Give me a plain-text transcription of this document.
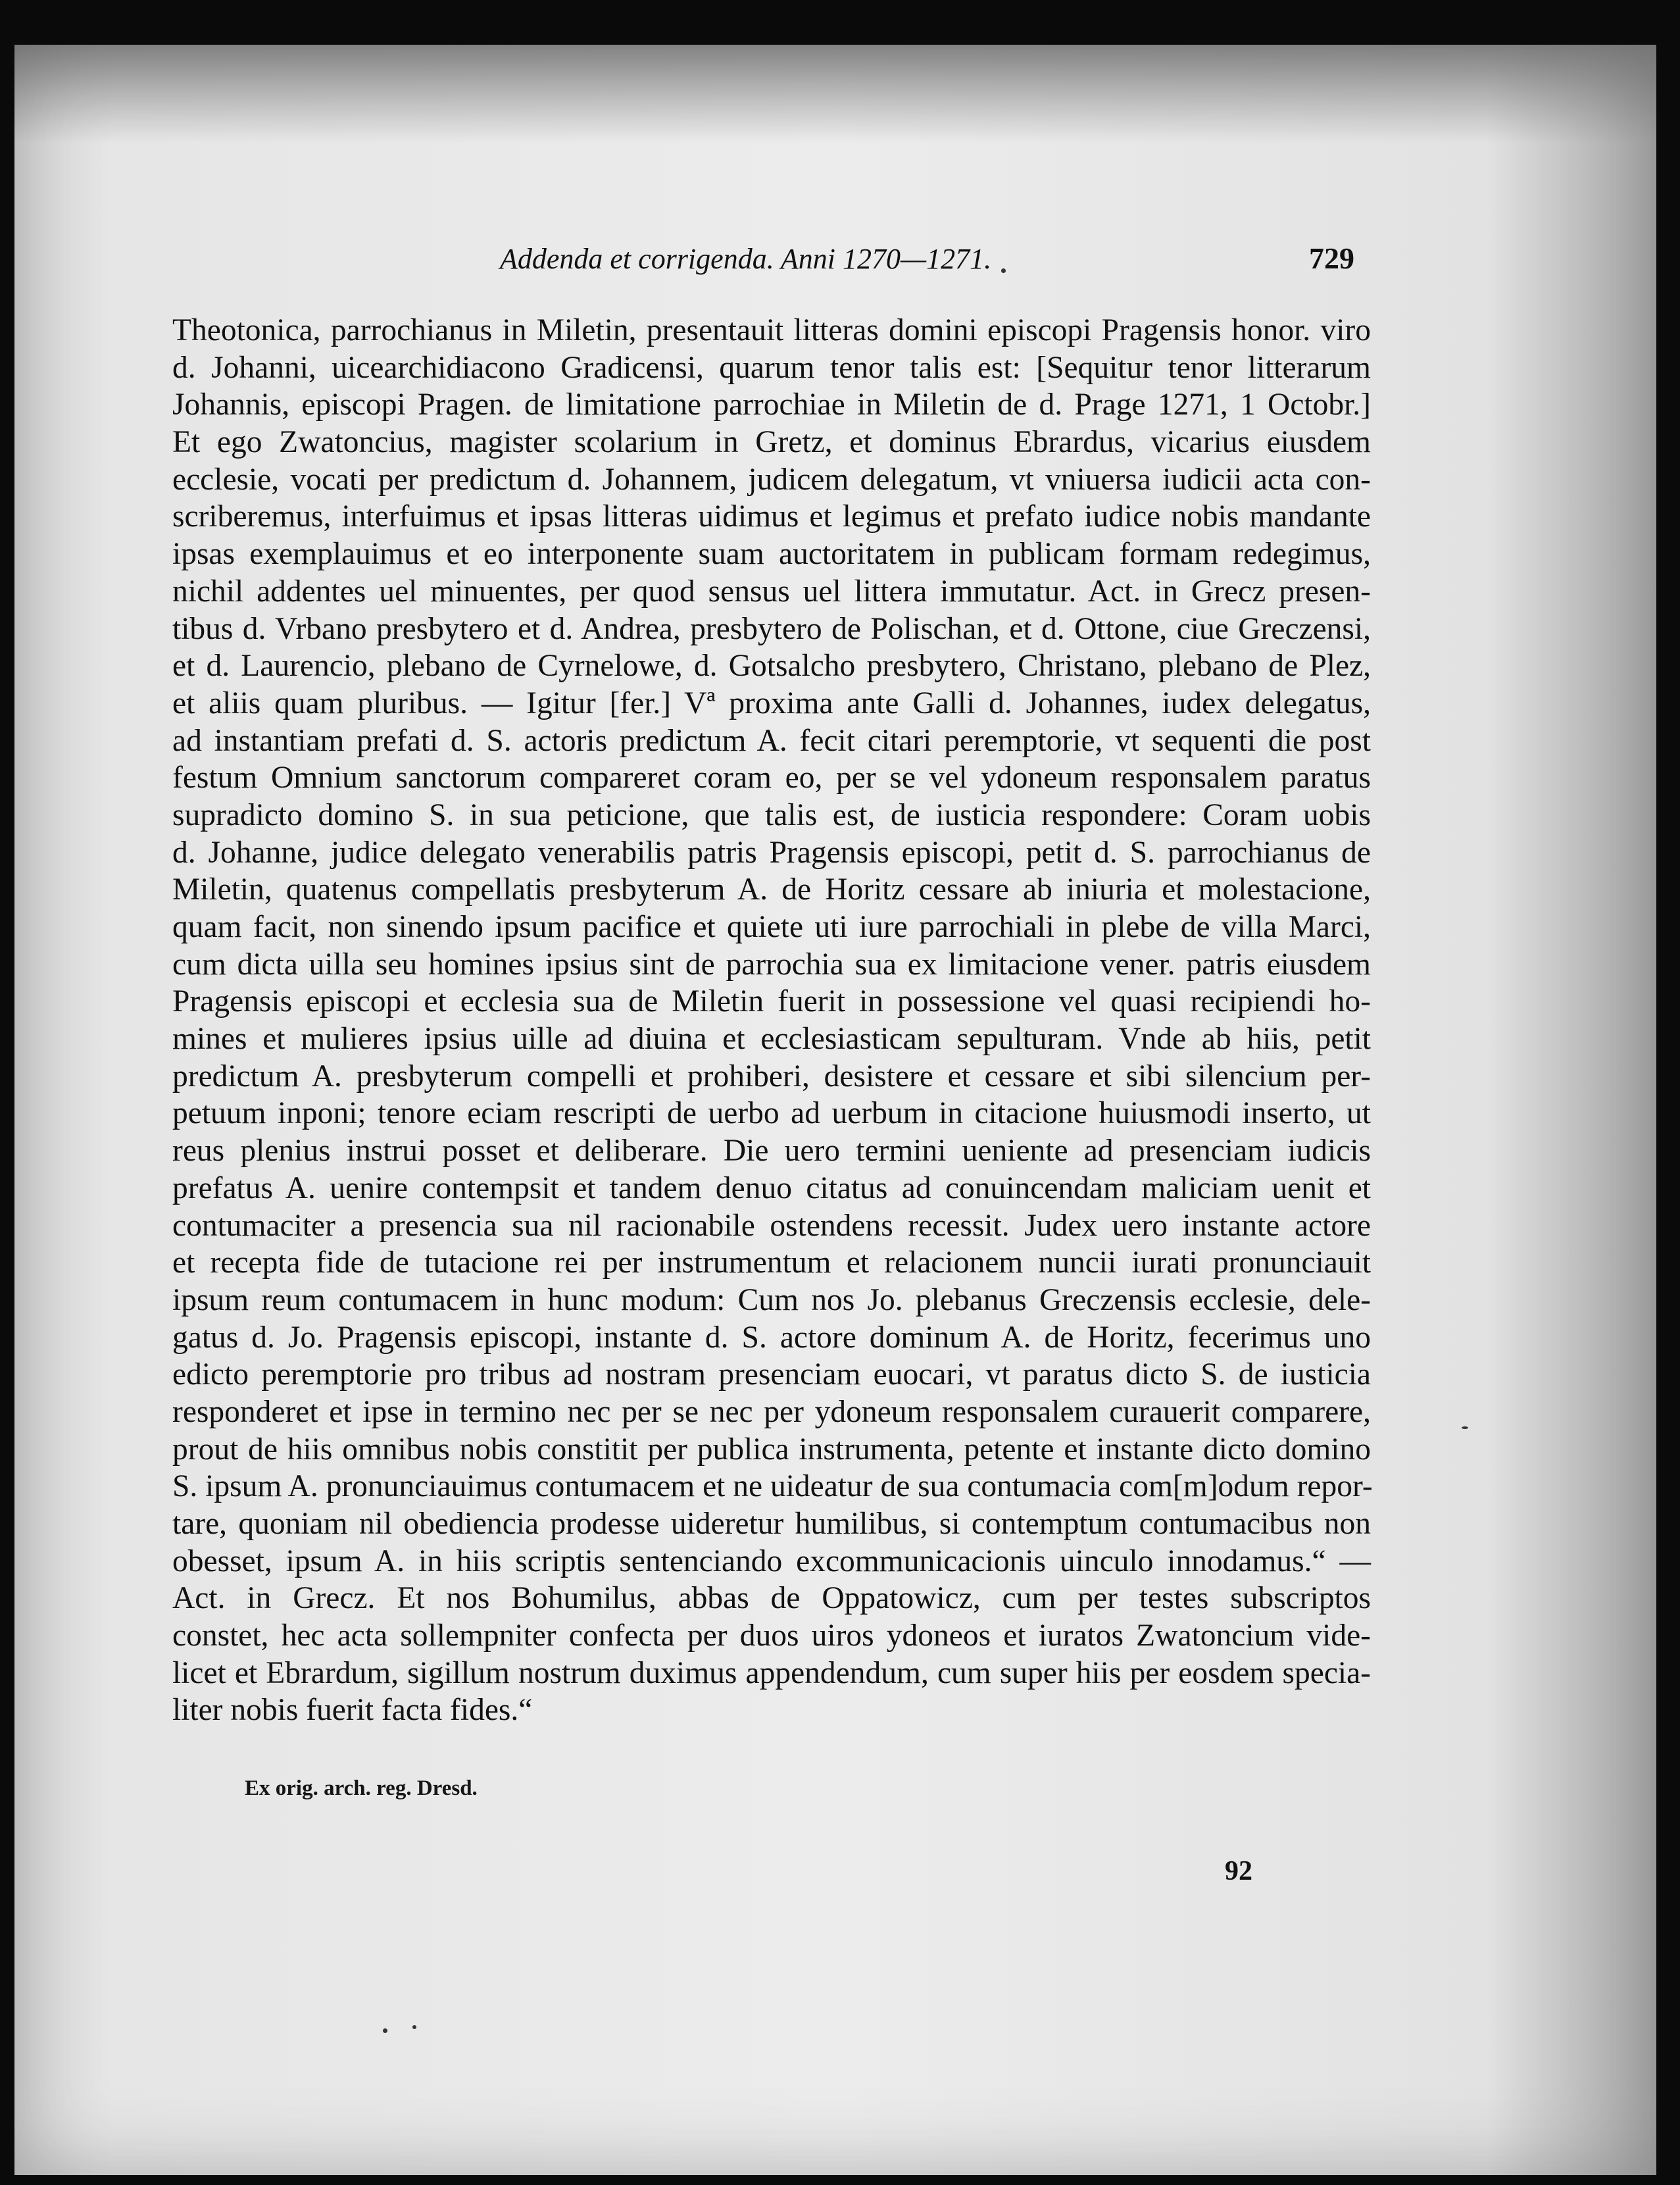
Addenda et corrigenda. Anni 1270—1271.	729
Theotonica, parrochianus in Miletin, presentauit litteras domini episcopi Pragensis honor. viro
d. Johanni, uicearchidiacono Gradicensi, quarum tenor talis est: [Sequitur tenor litterarum
Johannis, episcopi Pragen. de limitatione parrochiae in Miletin de d. Prage 1271, 1 Octobr.]
Et ego Zwatoncius, magister scolarium in Gretz, et dominus Ebrardus, vicarius eiusdem
ecclesie, vocati per predictum d. Johannem, judicem delegatum, vt vniuersa iudicii acta con-
scriberemus, interfuimus et ipsas litteras uidimus et legimus et prefato iudice nobis mandante
ipsas exemplauimus et eo interponente suam auctoritatem in publicam formam redegimus,
nichil addentes uel minuentes, per quod sensus uel littera immutatur. Act. in Grecz presen-
tibus d. Vrbano presbytero et d. Andrea, presbytero de Polischan, et d. Ottone, ciue Greczensi,
et d. Laurencio, plebano de Cyrnelowe, d. Gotsalcho presbytero, Christano, plebano de Plez,
et aliis quam pluribus. — Igitur [fer.] Vª proxima ante Galli d. Johannes, iudex delegatus,
ad instantiam prefati d. S. actoris predictum A. fecit citari peremptorie, vt sequenti die post
festum Omnium sanctorum compareret coram eo, per se vel ydoneum responsalem paratus
supradicto domino S. in sua peticione, que talis est, de iusticia respondere: Coram uobis
d. Johanne, judice delegato venerabilis patris Pragensis episcopi, petit d. S. parrochianus de
Miletin, quatenus compellatis presbyterum A. de Horitz cessare ab iniuria et molestacione,
quam facit, non sinendo ipsum pacifice et quiete uti iure parrochiali in plebe de villa Marci,
cum dicta uilla seu homines ipsius sint de parrochia sua ex limitacione vener. patris eiusdem
Pragensis episcopi et ecclesia sua de Miletin fuerit in possessione vel quasi recipiendi ho-
mines et mulieres ipsius uille ad diuina et ecclesiasticam sepulturam. Vnde ab hiis, petit
predictum A. presbyterum compelli et prohiberi, desistere et cessare et sibi silencium per-
petuum inponi; tenore eciam rescripti de uerbo ad uerbum in citacione huiusmodi inserto, ut
reus plenius instrui posset et deliberare. Die uero termini ueniente ad presenciam iudicis
prefatus A. uenire contempsit et tandem denuo citatus ad conuincendam maliciam uenit et
contumaciter a presencia sua nil racionabile ostendens recessit. Judex uero instante actore
et recepta fide de tutacione rei per instrumentum et relacionem nuncii iurati pronunciauit
ipsum reum contumacem in hunc modum: Cum nos Jo. plebanus Greczensis ecclesie, dele-
gatus d. Jo. Pragensis episcopi, instante d. S. actore dominum A. de Horitz, fecerimus uno
edicto peremptorie pro tribus ad nostram presenciam euocari, vt paratus dicto S. de iusticia
responderet et ipse in termino nec per se nec per ydoneum responsalem curauerit comparere,
prout de hiis omnibus nobis constitit per publica instrumenta, petente et instante dicto domino
S. ipsum A. pronunciauimus contumacem et ne uideatur de sua contumacia com[m]odum repor-
tare, quoniam nil obediencia prodesse uideretur humilibus, si contemptum contumacibus non
obesset, ipsum A. in hiis scriptis sentenciando excommunicacionis uinculo innodamus.“ —
Act. in Grecz. Et nos Bohumilus, abbas de Oppatowicz, cum per testes subscriptos
constet, hec acta sollempniter confecta per duos uiros ydoneos et iuratos Zwatoncium vide-
licet et Ebrardum, sigillum nostrum duximus appendendum, cum super hiis per eosdem specia-
liter nobis fuerit facta fides.“
Ex orig. arch. reg. Dresd.
92
